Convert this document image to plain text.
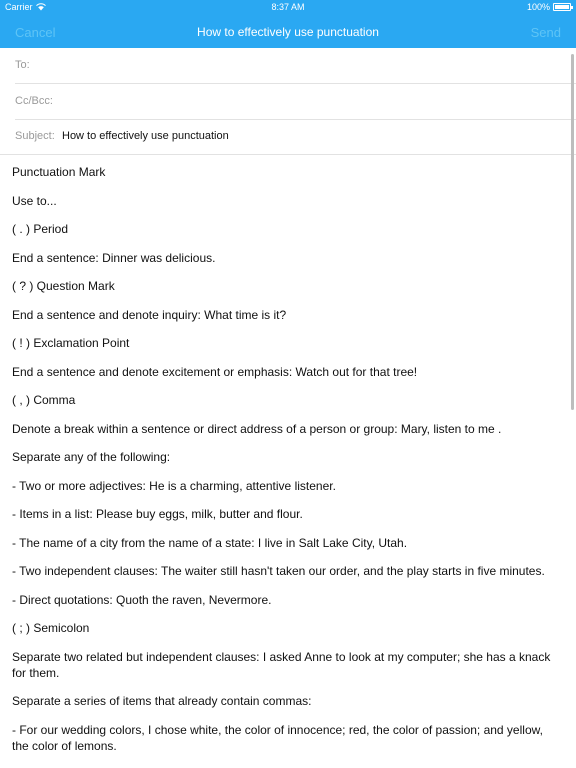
Carrier	8:37 AM	100%
Cancel	How to effectively use punctuation	Send
To:
Cc/Bcc:
Subject: How to effectively use punctuation

Punctuation Mark

Use to...

( . ) Period

End a sentence: Dinner was delicious.

( ? ) Question Mark

End a sentence and denote inquiry: What time is it?

( ! ) Exclamation Point

End a sentence and denote excitement or emphasis: Watch out for that tree!

( , ) Comma

Denote a break within a sentence or direct address of a person or group: Mary, listen to me .

Separate any of the following:

- Two or more adjectives: He is a charming, attentive listener.

- Items in a list: Please buy eggs, milk, butter and flour.

- The name of a city from the name of a state: I live in Salt Lake City, Utah.

- Two independent clauses: The waiter still hasn't taken our order, and the play starts in five minutes.

- Direct quotations: Quoth the raven, Nevermore.

( ; ) Semicolon

Separate two related but independent clauses: I asked Anne to look at my computer; she has a knack for them.

Separate a series of items that already contain commas:

- For our wedding colors, I chose white, the color of innocence; red, the color of passion; and yellow, the color of lemons.
